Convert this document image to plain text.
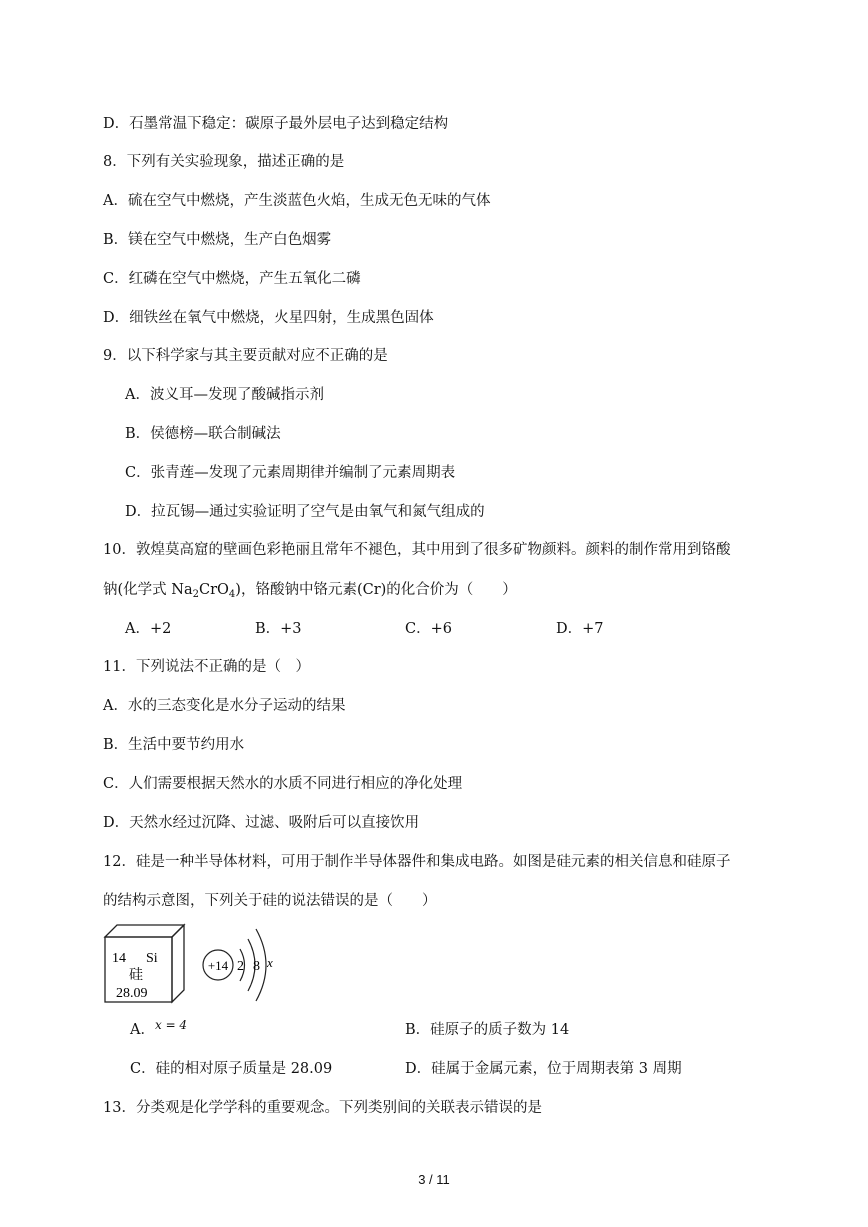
D．石墨常温下稳定：碳原子最外层电子达到稳定结构
8．下列有关实验现象，描述正确的是
A．硫在空气中燃烧，产生淡蓝色火焰，生成无色无味的气体
B．镁在空气中燃烧，生产白色烟雾
C．红磷在空气中燃烧，产生五氧化二磷
D．细铁丝在氧气中燃烧，火星四射，生成黑色固体
9．以下科学家与其主要贡献对应不正确的是
A．波义耳—发现了酸碱指示剂
B．侯德榜—联合制碱法
C．张青莲—发现了元素周期律并编制了元素周期表
D．拉瓦锡—通过实验证明了空气是由氧气和氮气组成的
10．敦煌莫高窟的壁画色彩艳丽且常年不褪色，其中用到了很多矿物颜料。颜料的制作常用到铬酸
钠(化学式 $Na_2CrO_4$)，铬酸钠中铬元素(Cr)的化合价为（　　）
A．+2	B．+3	C．+6	D．+7
11．下列说法不正确的是（　）
A．水的三态变化是水分子运动的结果
B．生活中要节约用水
C．人们需要根据天然水的水质不同进行相应的净化处理
D．天然水经过沉降、过滤、吸附后可以直接饮用
12．硅是一种半导体材料，可用于制作半导体器件和集成电路。如图是硅元素的相关信息和硅原子
的结构示意图，下列关于硅的说法错误的是（　　）
14 Si
硅
28.09
+14 2 8 x
A．$^{x = 4}$	B．硅原子的质子数为 14
C．硅的相对原子质量是 28.09	D．硅属于金属元素，位于周期表第 3 周期
13．分类观是化学学科的重要观念。下列类别间的关联表示错误的是
3 / 11
